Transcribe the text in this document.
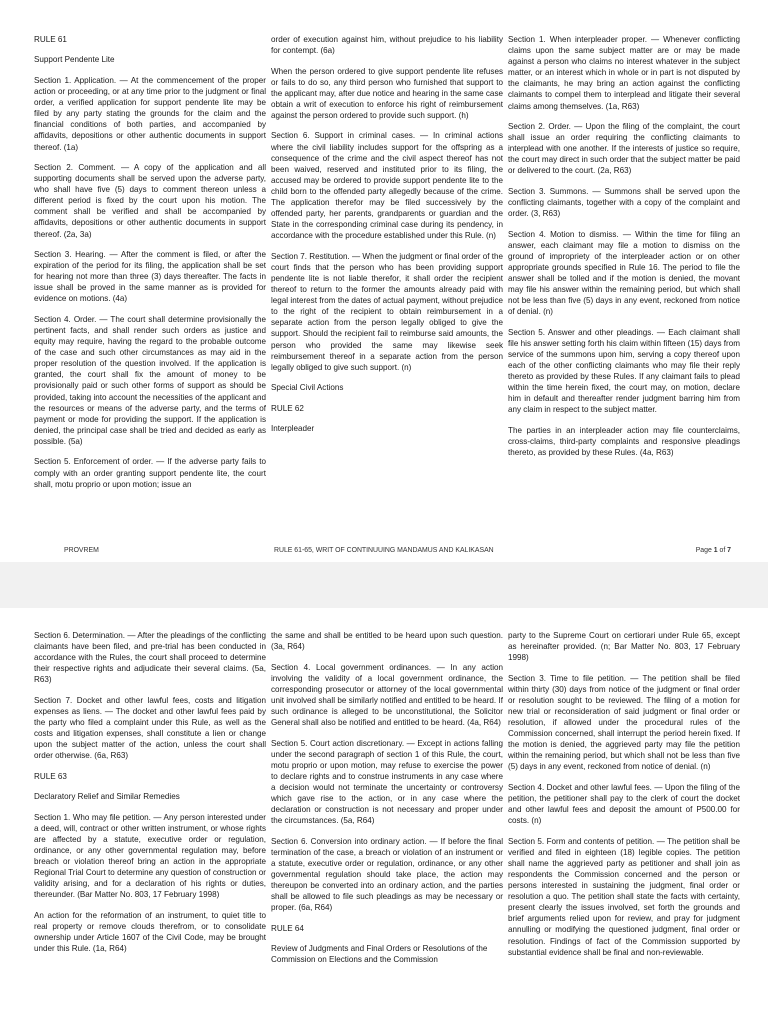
RULE 61

Support Pendente Lite

Section 1. Application. — At the commencement of the proper action or proceeding, or at any time prior to the judgment or final order, a verified application for support pendente lite may be filed by any party stating the grounds for the claim and the financial conditions of both parties, and accompanied by affidavits, depositions or other authentic documents in support thereof. (1a)

Section 2. Comment. — A copy of the application and all supporting documents shall be served upon the adverse party, who shall have five (5) days to comment thereon unless a different period is fixed by the court upon his motion. The comment shall be verified and shall be accompanied by affidavits, depositions or other authentic documents in support thereof. (2a, 3a)

Section 3. Hearing. — After the comment is filed, or after the expiration of the period for its filing, the application shall be set for hearing not more than three (3) days thereafter. The facts in issue shall be proved in the same manner as is provided for evidence on motions. (4a)

Section 4. Order. — The court shall determine provisionally the pertinent facts, and shall render such orders as justice and equity may require, having the regard to the probable outcome of the case and such other circumstances as may aid in the proper resolution of the question involved. If the application is granted, the court shall fix the amount of money to be provisionally paid or such other forms of support as should be provided, taking into account the necessities of the applicant and the resources or means of the adverse party, and the terms of payment or mode for providing the support. If the application is denied, the principal case shall be tried and decided as early as possible. (5a)

Section 5. Enforcement of order. — If the adverse party fails to comply with an order granting support pendente lite, the court shall, motu proprio or upon motion; issue an

order of execution against him, without prejudice to his liability for contempt. (6a)

When the person ordered to give support pendente lite refuses or fails to do so, any third person who furnished that support to the applicant may, after due notice and hearing in the same case obtain a writ of execution to enforce his right of reimbursement against the person ordered to provide such support. (h)

Section 6. Support in criminal cases. — In criminal actions where the civil liability includes support for the offspring as a consequence of the crime and the civil aspect thereof has not been waived, reserved and instituted prior to its filing, the accused may be ordered to provide support pendente lite to the child born to the offended party allegedly because of the crime. The application therefor may be filed successively by the offended party, her parents, grandparents or guardian and the State in the corresponding criminal case during its pendency, in accordance with the procedure established under this Rule. (n)

Section 7. Restitution. — When the judgment or final order of the court finds that the person who has been providing support pendente lite is not liable therefor, it shall order the recipient thereof to return to the former the amounts already paid with legal interest from the dates of actual payment, without prejudice to the right of the recipient to obtain reimbursement in a separate action from the person legally obliged to give the support. Should the recipient fail to reimburse said amounts, the person who provided the same may likewise seek reimbursement thereof in a separate action from the person legally obliged to give such support. (n)

Special Civil Actions

RULE 62

Interpleader

Section 1. When interpleader proper. — Whenever conflicting claims upon the same subject matter are or may be made against a person who claims no interest whatever in the subject matter, or an interest which in whole or in part is not disputed by the claimants, he may bring an action against the conflicting claimants to compel them to interplead and litigate their several claims among themselves. (1a, R63)

Section 2. Order. — Upon the filing of the complaint, the court shall issue an order requiring the conflicting claimants to interplead with one another. If the interests of justice so require, the court may direct in such order that the subject matter be paid or delivered to the court. (2a, R63)

Section 3. Summons. — Summons shall be served upon the conflicting claimants, together with a copy of the complaint and order. (3, R63)

Section 4. Motion to dismiss. — Within the time for filing an answer, each claimant may file a motion to dismiss on the ground of impropriety of the interpleader action or on other appropriate grounds specified in Rule 16. The period to file the answer shall be tolled and if the motion is denied, the movant may file his answer within the remaining period, but which shall not be less than five (5) days in any event, reckoned from notice of denial. (n)

Section 5. Answer and other pleadings. — Each claimant shall file his answer setting forth his claim within fifteen (15) days from service of the summons upon him, serving a copy thereof upon each of the other conflicting claimants who may file their reply thereto as provided by these Rules. If any claimant fails to plead within the time herein fixed, the court may, on motion, declare him in default and thereafter render judgment barring him from any claim in respect to the subject matter.

The parties in an interpleader action may file counterclaims, cross-claims, third-party complaints and responsive pleadings thereto, as provided by these Rules. (4a, R63)

PROVREM	RULE 61-65, WRIT OF CONTINUUING MANDAMUS AND KALIKASAN	Page 1 of 7

Section 6. Determination. — After the pleadings of the conflicting claimants have been filed, and pre-trial has been conducted in accordance with the Rules, the court shall proceed to determine their respective rights and adjudicate their several claims. (5a, R63)

Section 7. Docket and other lawful fees, costs and litigation expenses as liens. — The docket and other lawful fees paid by the party who filed a complaint under this Rule, as well as the costs and litigation expenses, shall constitute a lien or change upon the subject matter of the action, unless the court shall order otherwise. (6a, R63)

RULE 63

Declaratory Relief and Similar Remedies

Section 1. Who may file petition. — Any person interested under a deed, will, contract or other written instrument, or whose rights are affected by a statute, executive order or regulation, ordinance, or any other governmental regulation may, before breach or violation thereof bring an action in the appropriate Regional Trial Court to determine any question of construction or validity arising, and for a declaration of his rights or duties, thereunder. (Bar Matter No. 803, 17 February 1998)

An action for the reformation of an instrument, to quiet title to real property or remove clouds therefrom, or to consolidate ownership under Article 1607 of the Civil Code, may be brought under this Rule. (1a, R64)

the same and shall be entitled to be heard upon such question. (3a, R64)

Section 4. Local government ordinances. — In any action involving the validity of a local government ordinance, the corresponding prosecutor or attorney of the local governmental unit involved shall be similarly notified and entitled to be heard. If such ordinance is alleged to be unconstitutional, the Solicitor General shall also be notified and entitled to be heard. (4a, R64)

Section 5. Court action discretionary. — Except in actions falling under the second paragraph of section 1 of this Rule, the court, motu proprio or upon motion, may refuse to exercise the power to declare rights and to construe instruments in any case where a decision would not terminate the uncertainty or controversy which gave rise to the action, or in any case where the declaration or construction is not necessary and proper under the circumstances. (5a, R64)

Section 6. Conversion into ordinary action. — If before the final termination of the case, a breach or violation of an instrument or a statute, executive order or regulation, ordinance, or any other governmental regulation should take place, the action may thereupon be converted into an ordinary action, and the parties shall be allowed to file such pleadings as may be necessary or proper. (6a, R64)

RULE 64

Review of Judgments and Final Orders or Resolutions of the Commission on Elections and the Commission

party to the Supreme Court on certiorari under Rule 65, except as hereinafter provided. (n; Bar Matter No. 803, 17 February 1998)

Section 3. Time to file petition. — The petition shall be filed within thirty (30) days from notice of the judgment or final order or resolution sought to be reviewed. The filing of a motion for new trial or reconsideration of said judgment or final order or resolution, if allowed under the procedural rules of the Commission concerned, shall interrupt the period herein fixed. If the motion is denied, the aggrieved party may file the petition within the remaining period, but which shall not be less than five (5) days in any event, reckoned from notice of denial. (n)

Section 4. Docket and other lawful fees. — Upon the filing of the petition, the petitioner shall pay to the clerk of court the docket and other lawful fees and deposit the amount of P500.00 for costs. (n)

Section 5. Form and contents of petition. — The petition shall be verified and filed in eighteen (18) legible copies. The petition shall name the aggrieved party as petitioner and shall join as respondents the Commission concerned and the person or persons interested in sustaining the judgment, final order or resolution a quo. The petition shall state the facts with certainty, present clearly the issues involved, set forth the grounds and brief arguments relied upon for review, and pray for judgment annulling or modifying the questioned judgment, final order or resolution. Findings of fact of the Commission supported by substantial evidence shall be final and non-reviewable.
